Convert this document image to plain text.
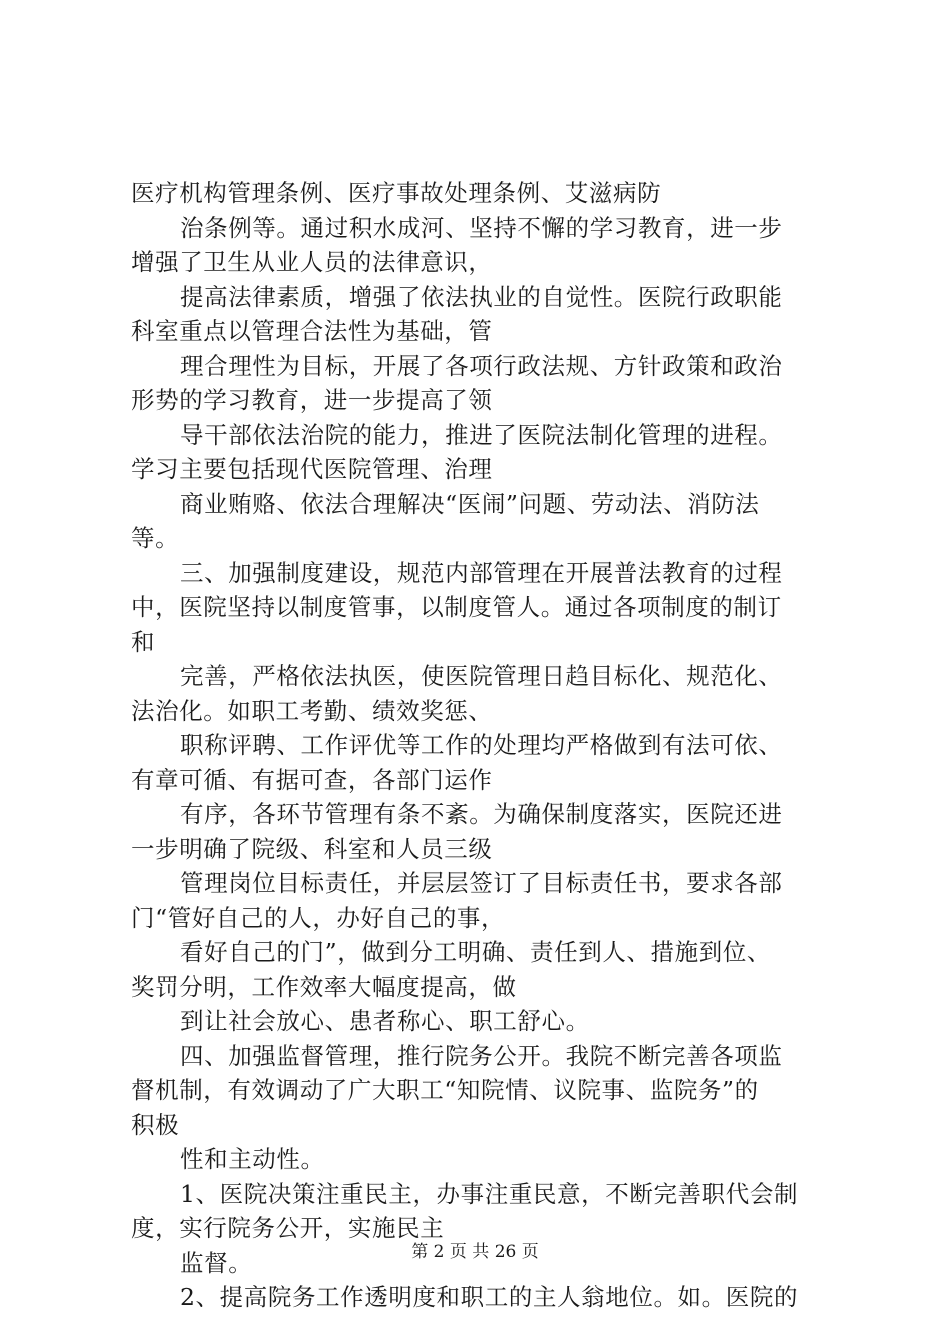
医疗机构管理条例、医疗事故处理条例、艾滋病防
治条例等。通过积水成河、坚持不懈的学习教育，进一步
增强了卫生从业人员的法律意识，
提高法律素质，增强了依法执业的自觉性。医院行政职能
科室重点以管理合法性为基础，管
理合理性为目标，开展了各项行政法规、方针政策和政治
形势的学习教育，进一步提高了领
导干部依法治院的能力，推进了医院法制化管理的进程。
学习主要包括现代医院管理、治理
商业贿赂、依法合理解决“医闹”问题、劳动法、消防法
等。
三、加强制度建设，规范内部管理在开展普法教育的过程
中，医院坚持以制度管事，以制度管人。通过各项制度的制订
和
完善，严格依法执医，使医院管理日趋目标化、规范化、
法治化。如职工考勤、绩效奖惩、
职称评聘、工作评优等工作的处理均严格做到有法可依、
有章可循、有据可查，各部门运作
有序，各环节管理有条不紊。为确保制度落实，医院还进
一步明确了院级、科室和人员三级
管理岗位目标责任，并层层签订了目标责任书，要求各部
门“管好自己的人，办好自己的事，
看好自己的门”，做到分工明确、责任到人、措施到位、
奖罚分明，工作效率大幅度提高，做
到让社会放心、患者称心、职工舒心。
四、加强监督管理，推行院务公开。我院不断完善各项监
督机制，有效调动了广大职工“知院情、议院事、监院务”的
积极
性和主动性。
1、医院决策注重民主，办事注重民意，不断完善职代会制
度，实行院务公开，实施民主
监督。
2、提高院务工作透明度和职工的主人翁地位。如。医院的
第 2 页 共 26 页
